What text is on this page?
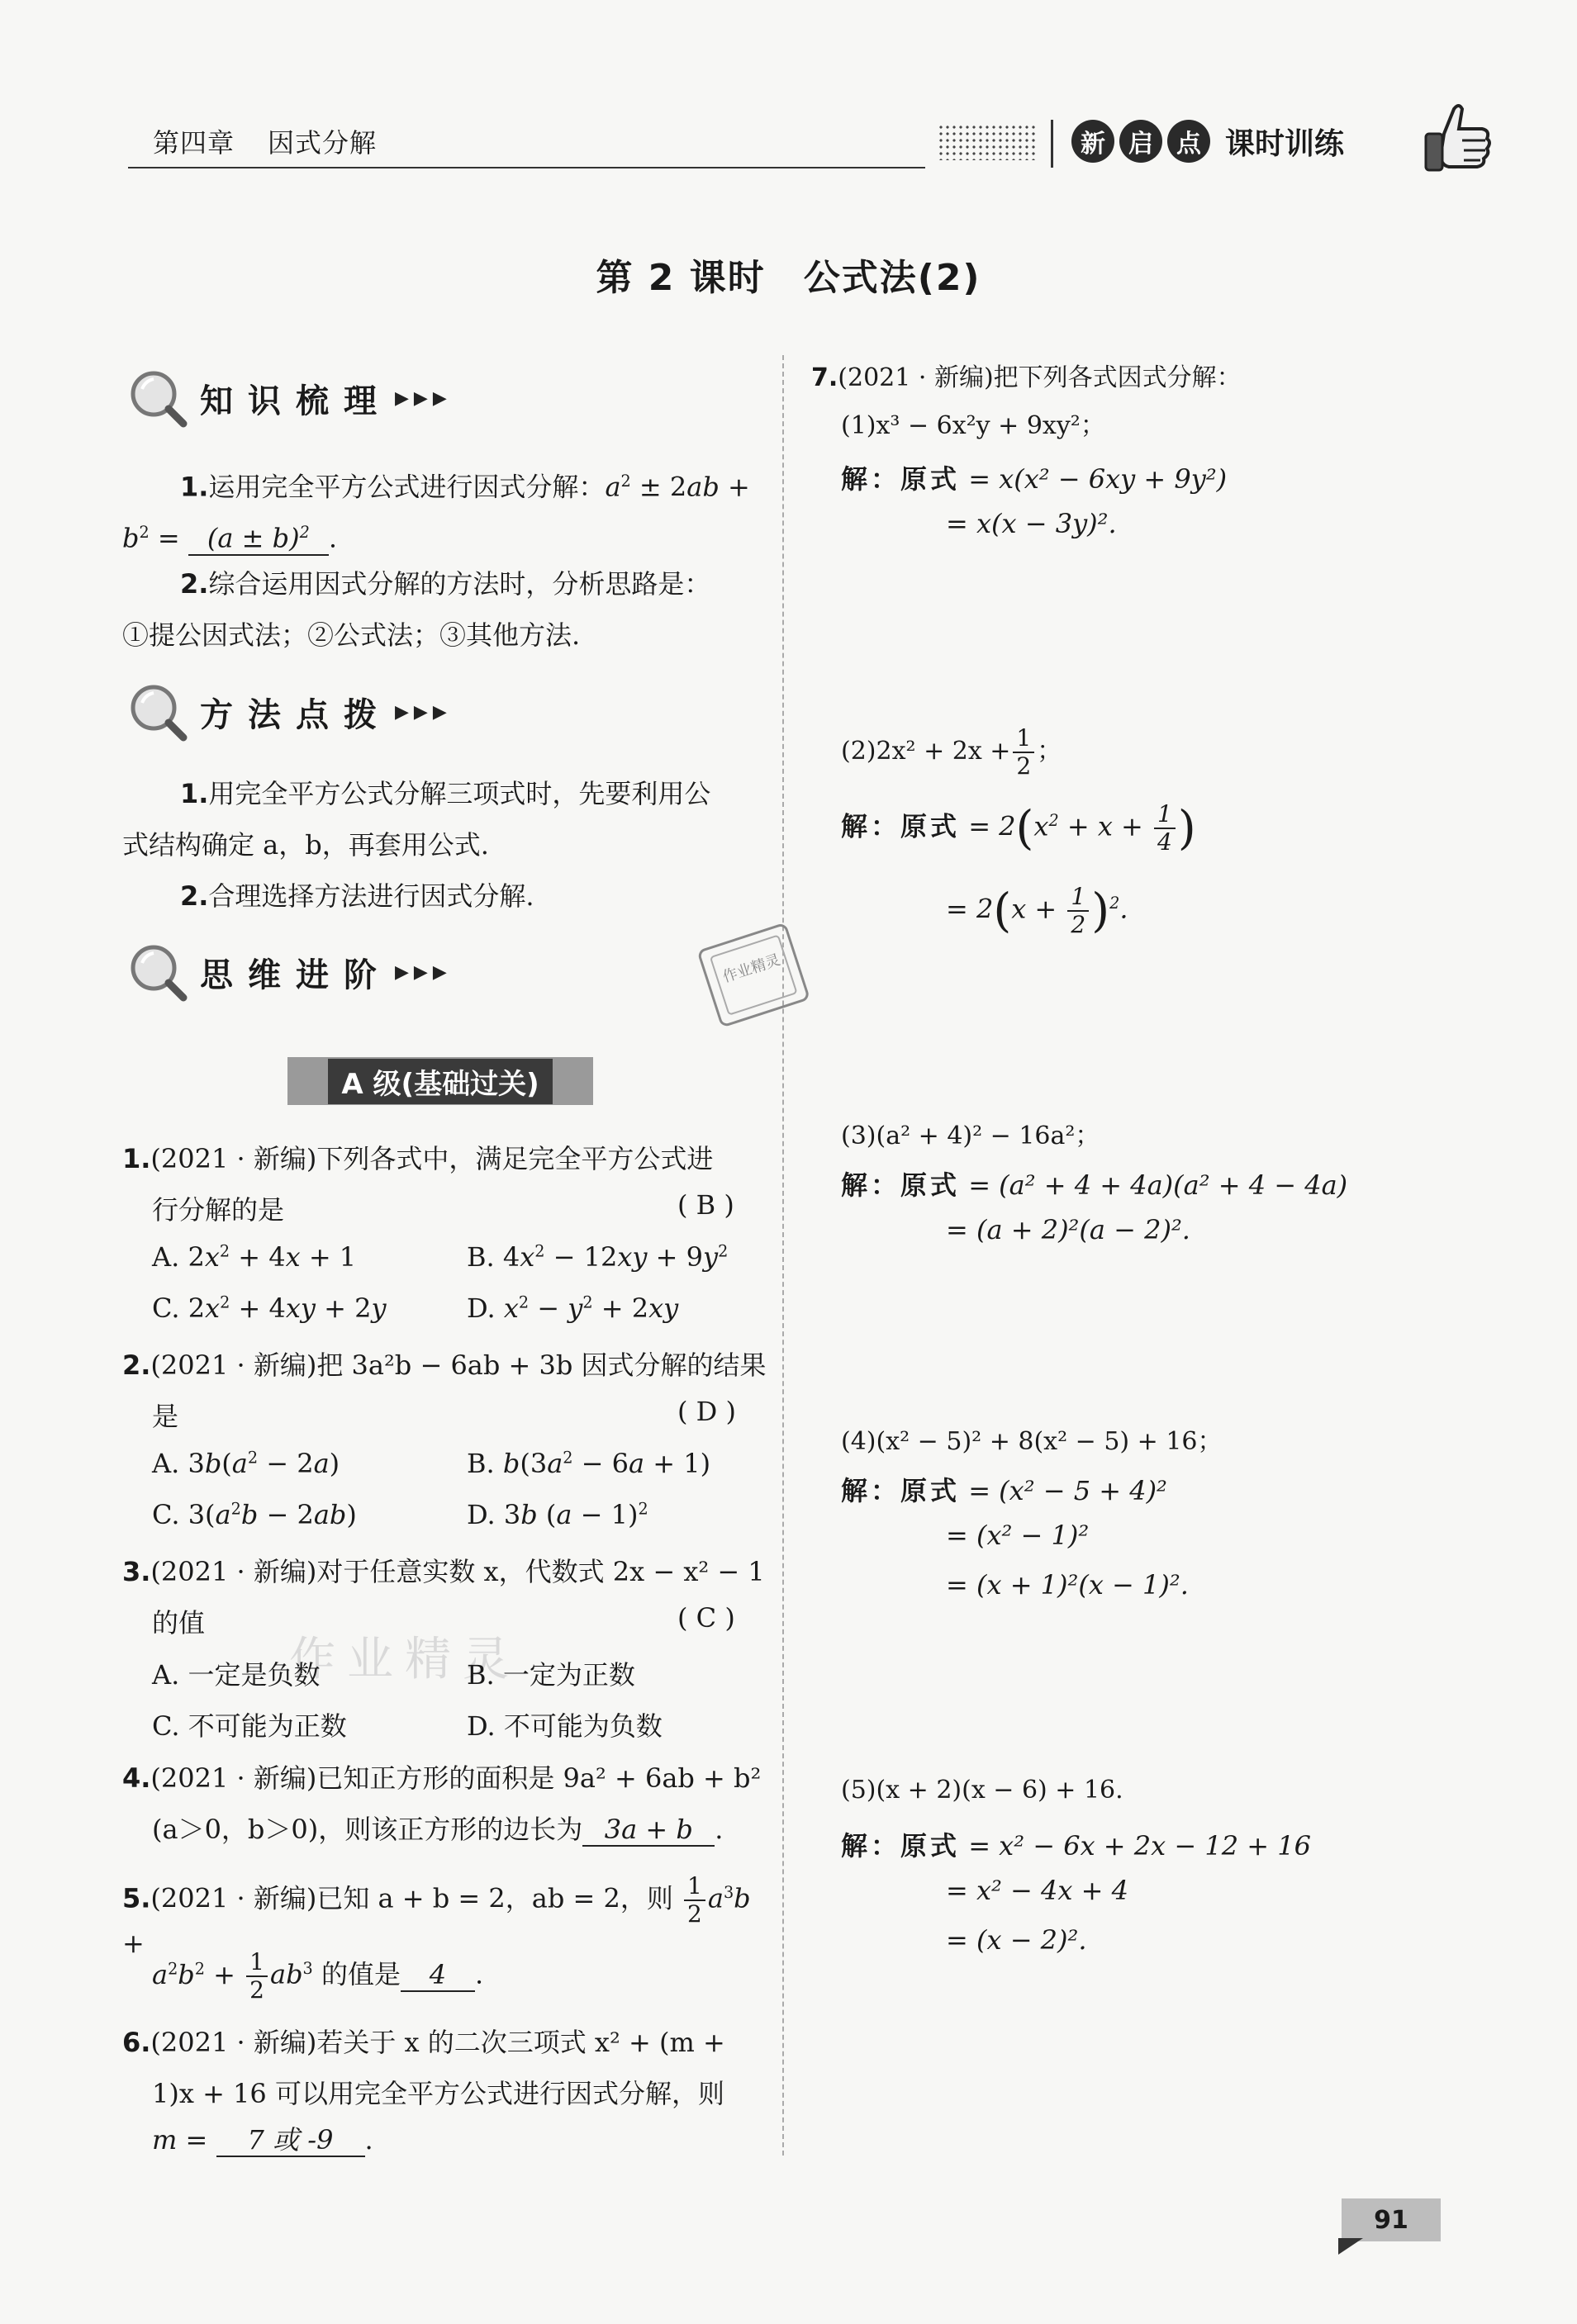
第四章 因式分解	新 启 点 课时训练
第 2 课时　公式法(2)
知识梳理 ▶▶▶
1.运用完全平方公式进行因式分解：$a^2 \pm 2ab$ +
$b^2 = (a \pm b)^2$ .
2.综合运用因式分解的方法时，分析思路是：
①提公因式法；②公式法；③其他方法.
方法点拨 ▶▶▶
1.用完全平方公式分解三项式时，先要利用公
式结构确定 a，b，再套用公式.
2.合理选择方法进行因式分解.
思维进阶 ▶▶▶	作业精灵
A 级(基础过关)
1.(2021 · 新编)下列各式中，满足完全平方公式进
行分解的是	( B )
A. $2x^2 + 4x + 1$	B. $4x^2 - 12xy + 9y^2$
C. $2x^2 + 4xy + 2y$	D. $x^2 - y^2 + 2xy$
2.(2021 · 新编)把 3a²b − 6ab + 3b 因式分解的结果
是	( D )
A. $3b(a^2 - 2a)$	B. $b(3a^2 - 6a + 1)$
C. $3(a^2b - 2ab)$	D. 3b $(a - 1)^2$
3.(2021 · 新编)对于任意实数 x，代数式 2x − x² − 1
的值	( C )
作业精灵
A. 一定是负数	B. 一定为正数
C. 不可能为正数	D. 不可能为负数
4.(2021 · 新编)已知正方形的面积是 9a² + 6ab + b²
(a＞0，b＞0)，则该正方形的边长为 3a + b .
5.(2021 · 新编)已知 a + b = 2，ab = 2，则 $\frac{1}{2} a^3b$ +
$a^2b^2 + \frac{1}{2} ab^3$ 的值是 4 .
6.(2021 · 新编)若关于 x 的二次三项式 x² + (m +
1)x + 16 可以用完全平方公式进行因式分解，则
m = 7 或 -9 .
7.(2021 · 新编)把下列各式因式分解：
(1)x³ − 6x²y + 9xy²；
解：原式 = x(x² − 6xy + 9y²)
= x(x − 3y)².
$(2)2x^2 + 2x + \frac{1}{2}$ ；
解：原式 = $2(x^2 + x + \frac{1}{4}$ )
= $2(x + \frac{1}{2} )^2$.
(3)(a² + 4)² − 16a²；
解：原式 = (a² + 4 + 4a)(a² + 4 − 4a)
= (a + 2)²(a − 2)².
(4)(x² − 5)² + 8(x² − 5) + 16；
解：原式 = (x² − 5 + 4)²
= (x² − 1)²
= (x + 1)²(x − 1)².
(5)(x + 2)(x − 6) + 16.
解：原式 = x² − 6x + 2x − 12 + 16
= x² − 4x + 4
= (x − 2)².
91
